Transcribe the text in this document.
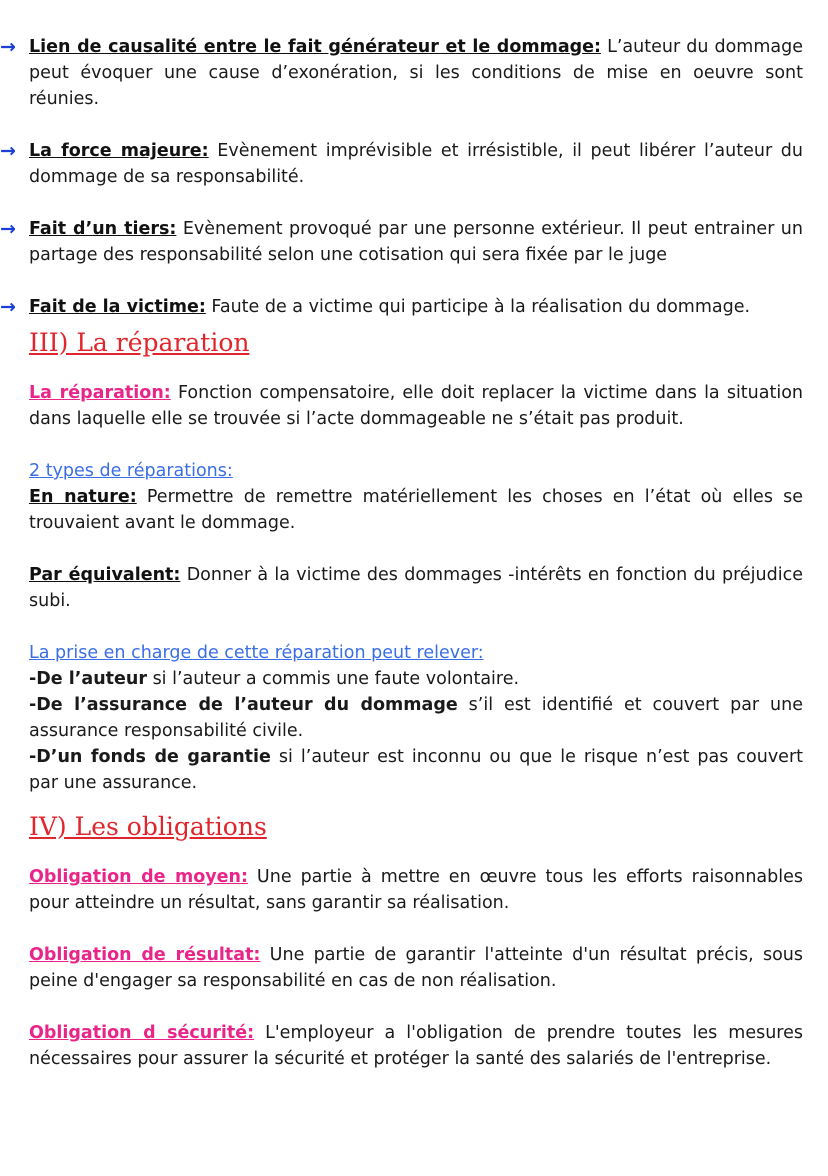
→ Lien de causalité entre le fait générateur et le dommage: L’auteur du dommage peut évoquer une cause d’exonération, si les conditions de mise en oeuvre sont réunies.

→ La force majeure: Evènement imprévisible et irrésistible, il peut libérer l’auteur du dommage de sa responsabilité.

→ Fait d’un tiers: Evènement provoqué par une personne extérieur. Il peut entrainer un partage des responsabilité selon une cotisation qui sera fixée par le juge

→ Fait de la victime: Faute de a victime qui participe à la réalisation du dommage.

III) La réparation

La réparation: Fonction compensatoire, elle doit replacer la victime dans la situation dans laquelle elle se trouvée si l’acte dommageable ne s’était pas produit.

2 types de réparations:

En nature: Permettre de remettre matériellement les choses en l’état où elles se trouvaient avant le dommage.

Par équivalent: Donner à la victime des dommages -intérêts en fonction du préjudice subi.

La prise en charge de cette réparation peut relever:

-De l’auteur si l’auteur a commis une faute volontaire.

-De l’assurance de l’auteur du dommage s’il est identifié et couvert par une assurance responsabilité civile.

-D’un fonds de garantie si l’auteur est inconnu ou que le risque n’est pas couvert par une assurance.

IV) Les obligations

Obligation de moyen: Une partie à mettre en œuvre tous les efforts raisonnables pour atteindre un résultat, sans garantir sa réalisation.

Obligation de résultat: Une partie de garantir l'atteinte d'un résultat précis, sous peine d'engager sa responsabilité en cas de non réalisation.

Obligation d sécurité: L'employeur a l'obligation de prendre toutes les mesures nécessaires pour assurer la sécurité et protéger la santé des salariés de l'entreprise.
